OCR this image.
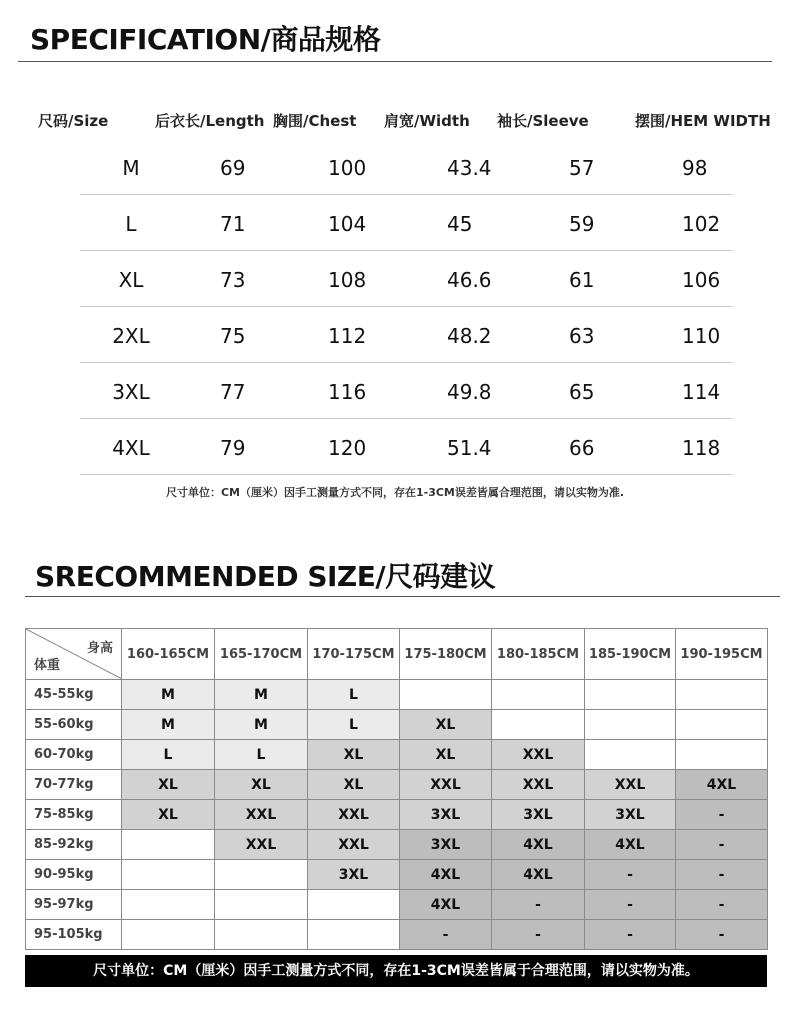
SPECIFICATION/商品规格
尺码/Size	后衣长/Length 胸围/Chest 肩宽/Width 袖长/Sleeve	摆围/HEM WIDTH
M	69	100	43.4	57	98
L	71	104	45	59	102
XL	73	108	46.6	61	106
2XL	75	112	48.2	63	110
3XL	77	116	49.8	65	114
4XL	79	120	51.4	66	118
尺寸单位：CM（厘米）因手工测量方式不同，存在1-3CM误差皆属合理范围，请以实物为准.
SRECOMMENDED SIZE/尺码建议
身高
体重	160-165CM	165-170CM	170-175CM	175-180CM	180-185CM	185-190CM	190-195CM
45-55kg	M	M	L				
55-60kg	M	M	L	XL			
60-70kg	L	L	XL	XL	XXL		
70-77kg	XL	XL	XL	XXL	XXL	XXL	4XL
75-85kg	XL	XXL	XXL	3XL	3XL	3XL	-
85-92kg		XXL	XXL	3XL	4XL	4XL	-
90-95kg			3XL	4XL	4XL	-	-
95-97kg				4XL	-	-	-
95-105kg				-	-	-	-
尺寸单位：CM（厘米）因手工测量方式不同，存在1-3CM误差皆属于合理范围，请以实物为准。
